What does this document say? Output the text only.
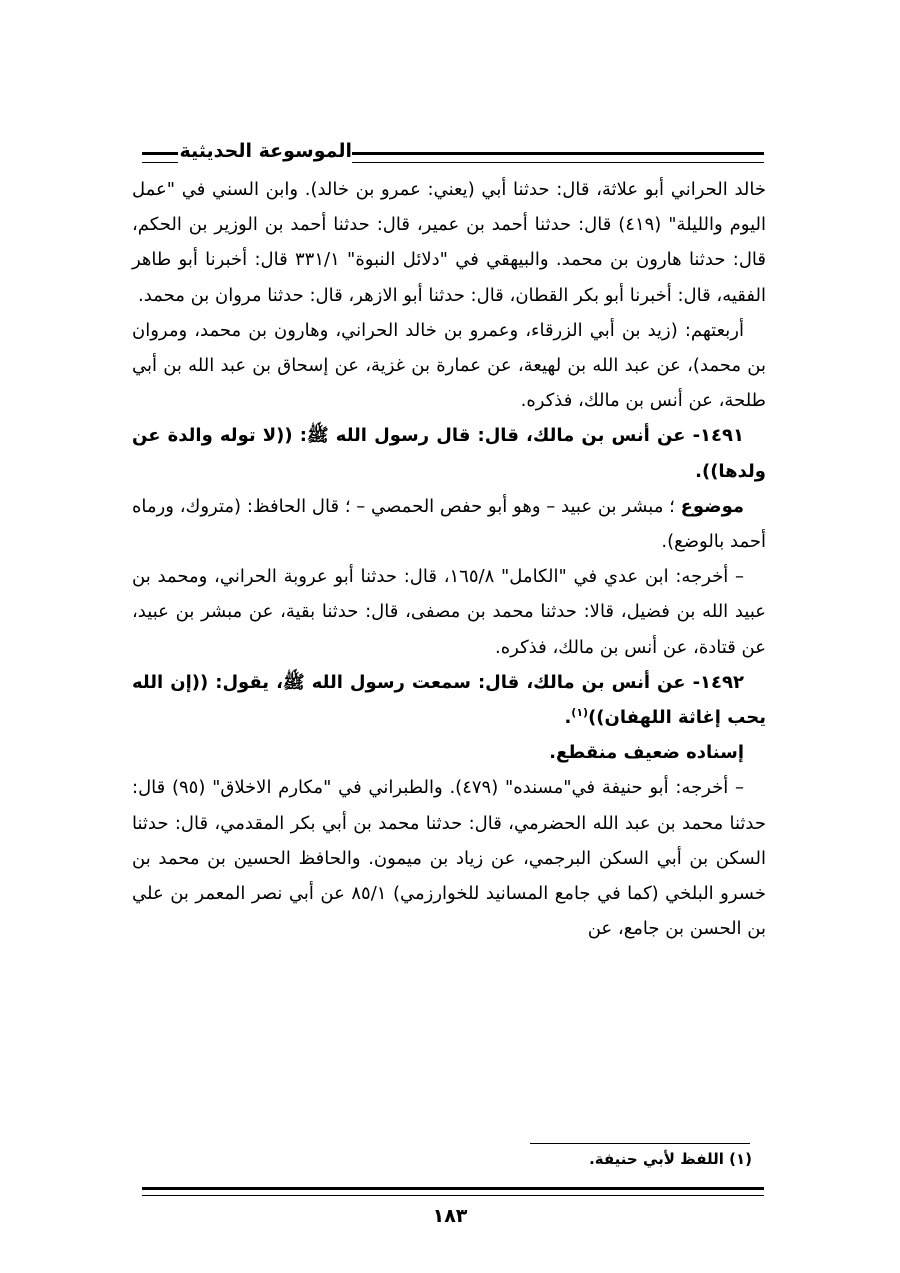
الموسوعة الحديثية

خالد الحراني أبو علاثة، قال: حدثنا أبي (يعني: عمرو بن خالد). وابن السني في "عمل اليوم والليلة" (٤١٩) قال: حدثنا أحمد بن عمير، قال: حدثنا أحمد بن الوزير بن الحكم، قال: حدثنا هارون بن محمد. والبيهقي في "دلائل النبوة" ٣٣١/١ قال: أخبرنا أبو طاهر الفقيه، قال: أخبرنا أبو بكر القطان، قال: حدثنا أبو الازهر، قال: حدثنا مروان بن محمد.

أربعتهم: (زيد بن أبي الزرقاء، وعمرو بن خالد الحراني، وهارون بن محمد، ومروان بن محمد)، عن عبد الله بن لهيعة، عن عمارة بن غزية، عن إسحاق بن عبد الله بن أبي طلحة، عن أنس بن مالك، فذكره.

١٤٩١- عن أنس بن مالك، قال: قال رسول الله ﷺ: ((لا توله والدة عن ولدها)).

موضوع ؛ مبشر بن عبيد – وهو أبو حفص الحمصي – ؛ قال الحافظ: (متروك، ورماه أحمد بالوضع).

– أخرجه: ابن عدي في "الكامل" ١٦٥/٨، قال: حدثنا أبو عروبة الحراني، ومحمد بن عبيد الله بن فضيل، قالا: حدثنا محمد بن مصفى، قال: حدثنا بقية، عن مبشر بن عبيد، عن قتادة، عن أنس بن مالك، فذكره.

١٤٩٢- عن أنس بن مالك، قال: سمعت رسول الله ﷺ، يقول: ((إن الله يحب إغاثة اللهفان))$^{(١)}$.

إسناده ضعيف منقطع.

– أخرجه: أبو حنيفة في"مسنده" (٤٧٩). والطبراني في "مكارم الاخلاق" (٩٥) قال: حدثنا محمد بن عبد الله الحضرمي، قال: حدثنا محمد بن أبي بكر المقدمي، قال: حدثنا السكن بن أبي السكن البرجمي، عن زياد بن ميمون. والحافظ الحسين بن محمد بن خسرو البلخي (كما في جامع المسانيد للخوارزمي) ٨٥/١ عن أبي نصر المعمر بن علي بن الحسن بن جامع، عن

(١) اللفظ لأبي حنيفة.
١٨٣
